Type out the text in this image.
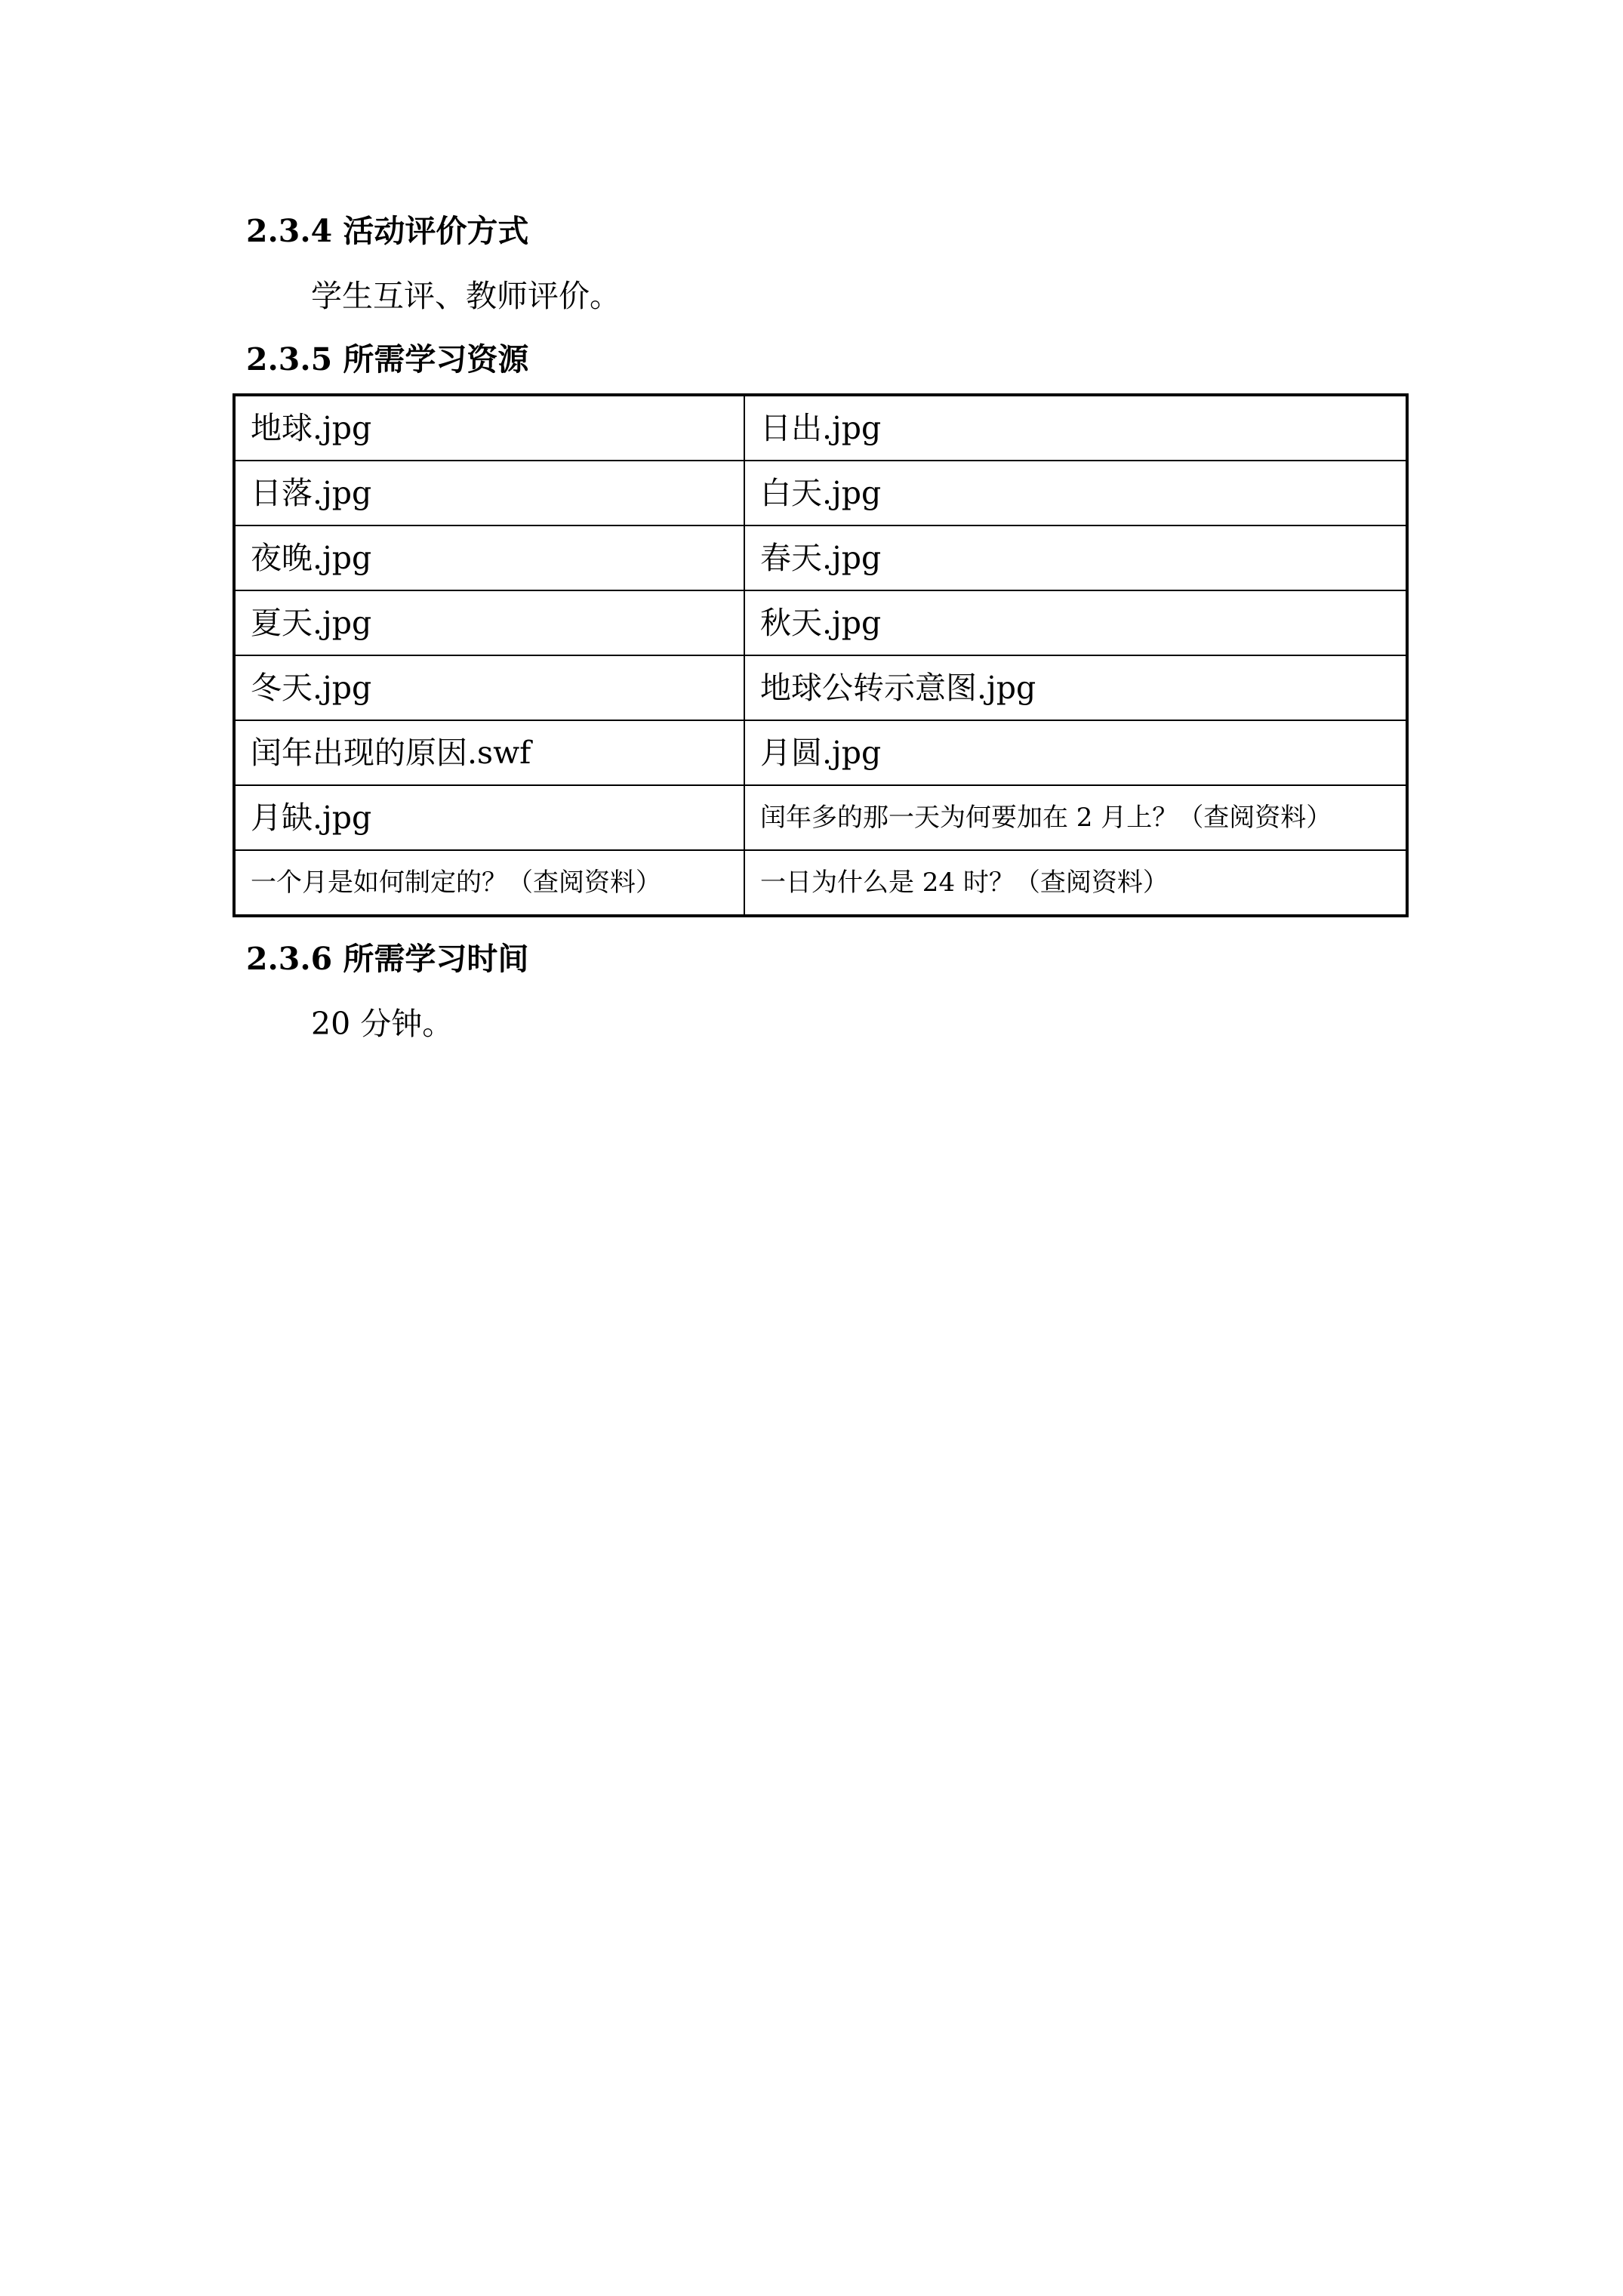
2.3.4 活动评价方式
学生互评、教师评价。
2.3.5 所需学习资源
地球.jpg	日出.jpg
日落.jpg	白天.jpg
夜晚.jpg	春天.jpg
夏天.jpg	秋天.jpg
冬天.jpg	地球公转示意图.jpg
闰年出现的原因.swf	月圆.jpg
月缺.jpg	闰年多的那一天为何要加在 2 月上？（查阅资料）
一个月是如何制定的？（查阅资料）	一日为什么是 24 时？（查阅资料）
2.3.6 所需学习时间
20 分钟。
